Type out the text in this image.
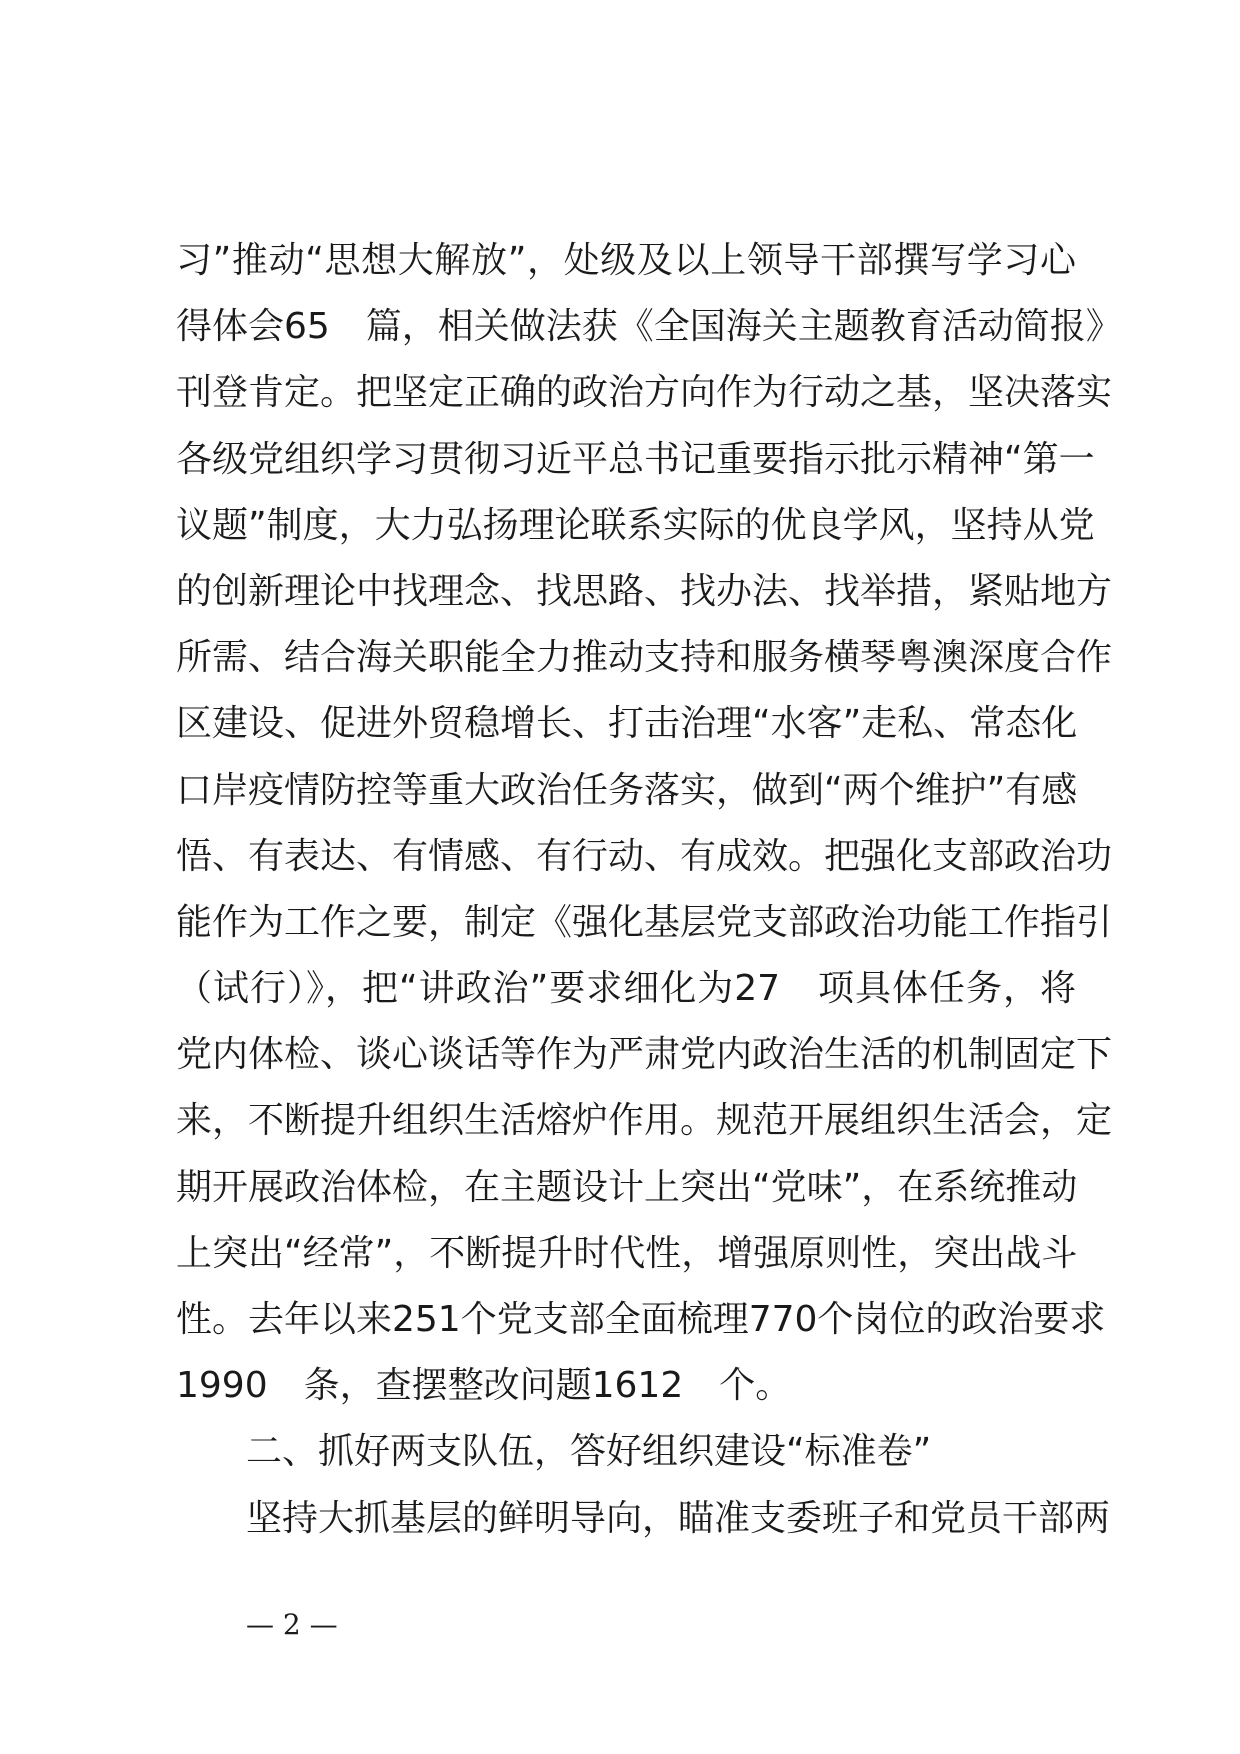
习”推动“思想大解放”，处级及以上领导干部撰写学习心
得体会65　篇，相关做法获《全国海关主题教育活动简报》
刊登肯定。把坚定正确的政治方向作为行动之基，坚决落实
各级党组织学习贯彻习近平总书记重要指示批示精神“第一
议题”制度，大力弘扬理论联系实际的优良学风，坚持从党
的创新理论中找理念、找思路、找办法、找举措，紧贴地方
所需、结合海关职能全力推动支持和服务横琴粤澳深度合作
区建设、促进外贸稳增长、打击治理“水客”走私、常态化
口岸疫情防控等重大政治任务落实，做到“两个维护”有感
悟、有表达、有情感、有行动、有成效。把强化支部政治功
能作为工作之要，制定《强化基层党支部政治功能工作指引
（试行）》，把“讲政治”要求细化为27　项具体任务，将
党内体检、谈心谈话等作为严肃党内政治生活的机制固定下
来，不断提升组织生活熔炉作用。规范开展组织生活会，定
期开展政治体检，在主题设计上突出“党味”，在系统推动
上突出“经常”，不断提升时代性，增强原则性，突出战斗
性。去年以来251个党支部全面梳理770个岗位的政治要求
1990　条，查摆整改问题1612　个。
二、抓好两支队伍，答好组织建设“标准卷”
坚持大抓基层的鲜明导向，瞄准支委班子和党员干部两
— 2 —
